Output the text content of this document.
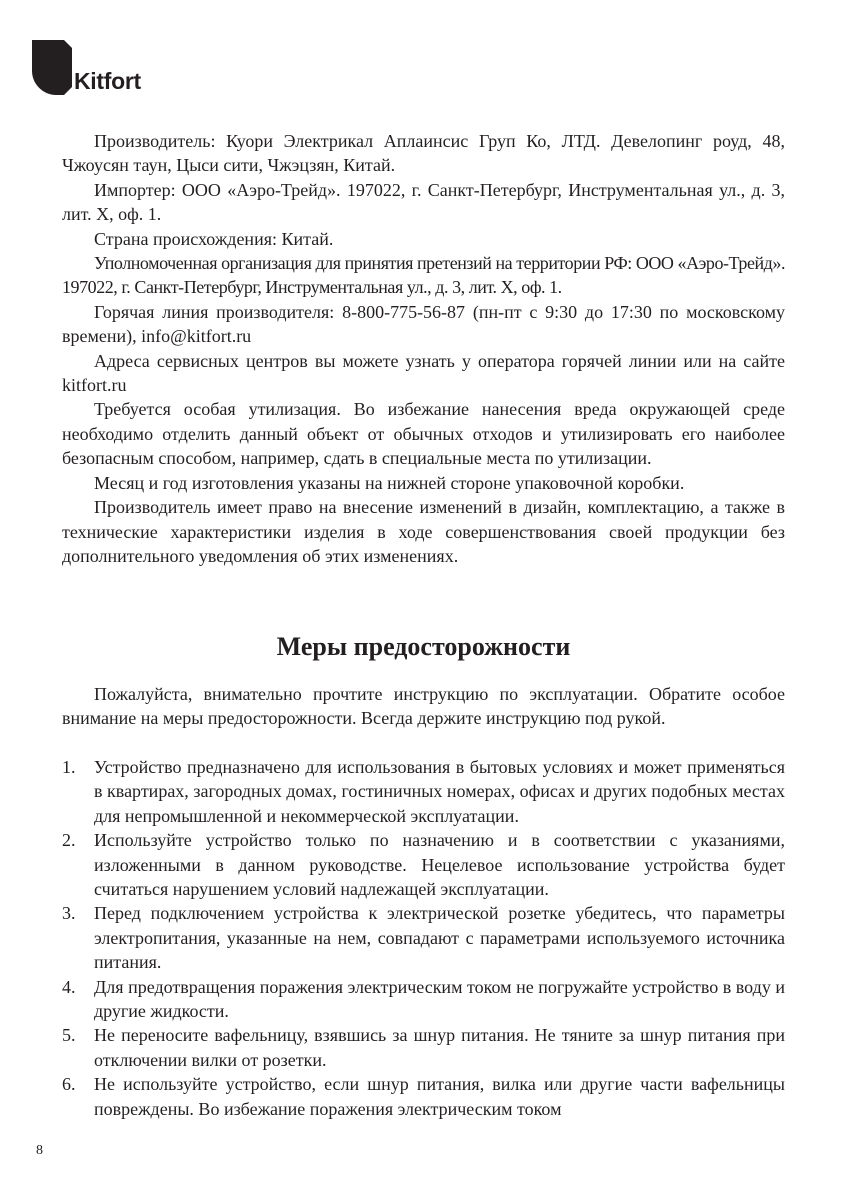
Kitfort

Производитель: Куори Электрикал Аплаинсис Груп Ко, ЛТД. Девелопинг роуд, 48, Чжоусян таун, Цыси сити, Чжэцзян, Китай.

Импортер: ООО «Аэро-Трейд». 197022, г. Санкт-Петербург, Инструментальная ул., д. 3, лит. Х, оф. 1.

Страна происхождения: Китай.

Уполномоченная организация для принятия претензий на территории РФ: ООО «Аэро-Трейд». 197022, г. Санкт-Петербург, Инструментальная ул., д. 3, лит. Х, оф. 1.

Горячая линия производителя: 8-800-775-56-87 (пн-пт с 9:30 до 17:30 по московскому времени), info@kitfort.ru

Адреса сервисных центров вы можете узнать у оператора горячей линии или на сайте kitfort.ru

Требуется особая утилизация. Во избежание нанесения вреда окружающей среде необходимо отделить данный объект от обычных отходов и утилизировать его наиболее безопасным способом, например, сдать в специальные места по утилизации.

Месяц и год изготовления указаны на нижней стороне упаковочной коробки.

Производитель имеет право на внесение изменений в дизайн, комплектацию, а также в технические характеристики изделия в ходе совершенствования своей продукции без дополнительного уведомления об этих изменениях.

Меры предосторожности

Пожалуйста, внимательно прочтите инструкцию по эксплуатации. Обратите особое внимание на меры предосторожности. Всегда держите инструкцию под рукой.

1.	Устройство предназначено для использования в бытовых условиях и может применяться в квартирах, загородных домах, гостиничных номерах, офисах и других подобных местах для непромышленной и некоммерческой эксплуатации.
2.	Используйте устройство только по назначению и в соответствии с указаниями, изложенными в данном руководстве. Нецелевое использование устройства будет считаться нарушением условий надлежащей эксплуатации.
3.	Перед подключением устройства к электрической розетке убедитесь, что параметры электропитания, указанные на нем, совпадают с параметрами используемого источника питания.
4.	Для предотвращения поражения электрическим током не погружайте устройство в воду и другие жидкости.
5.	Не переносите вафельницу, взявшись за шнур питания. Не тяните за шнур питания при отключении вилки от розетки.
6.	Не используйте устройство, если шнур питания, вилка или другие части вафельницы повреждены. Во избежание поражения электрическим током
8
